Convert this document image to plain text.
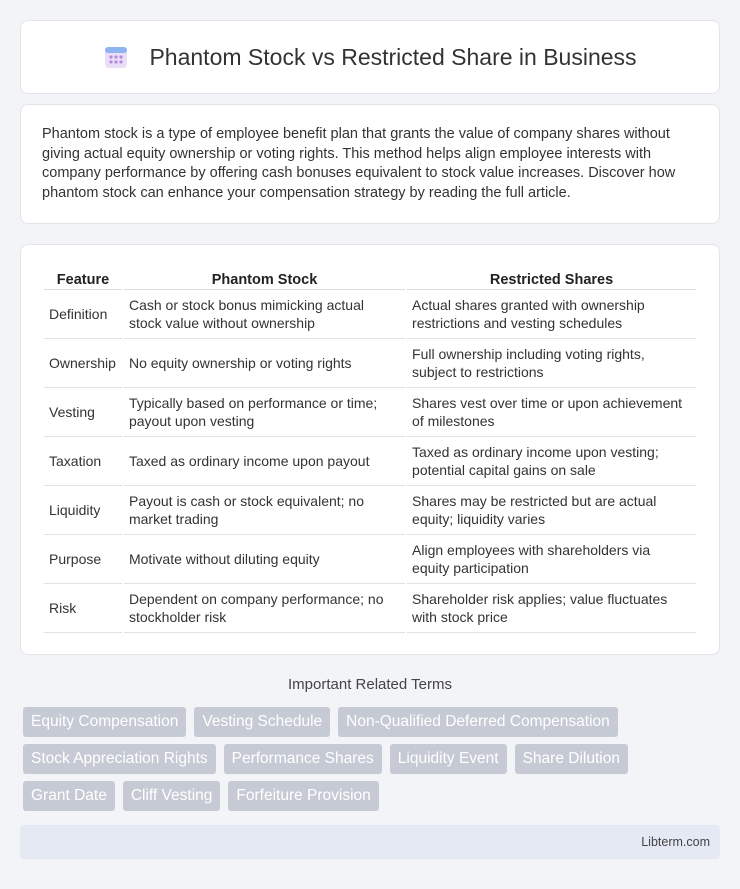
Phantom Stock vs Restricted Share in Business

Phantom stock is a type of employee benefit plan that grants the value of company shares without giving actual equity ownership or voting rights. This method helps align employee interests with company performance by offering cash bonuses equivalent to stock value increases. Discover how phantom stock can enhance your compensation strategy by reading the full article.

Feature	Phantom Stock	Restricted Shares
Definition	Cash or stock bonus mimicking actual stock value without ownership	Actual shares granted with ownership restrictions and vesting schedules
Ownership	No equity ownership or voting rights	Full ownership including voting rights, subject to restrictions
Vesting	Typically based on performance or time; payout upon vesting	Shares vest over time or upon achievement of milestones
Taxation	Taxed as ordinary income upon payout	Taxed as ordinary income upon vesting; potential capital gains on sale
Liquidity	Payout is cash or stock equivalent; no market trading	Shares may be restricted but are actual equity; liquidity varies
Purpose	Motivate without diluting equity	Align employees with shareholders via equity participation
Risk	Dependent on company performance; no stockholder risk	Shareholder risk applies; value fluctuates with stock price
Important Related Terms
Equity Compensation	Vesting Schedule	Non-Qualified Deferred Compensation
Stock Appreciation Rights	Performance Shares	Liquidity Event	Share Dilution
Grant Date	Cliff Vesting	Forfeiture Provision
Libterm.com
